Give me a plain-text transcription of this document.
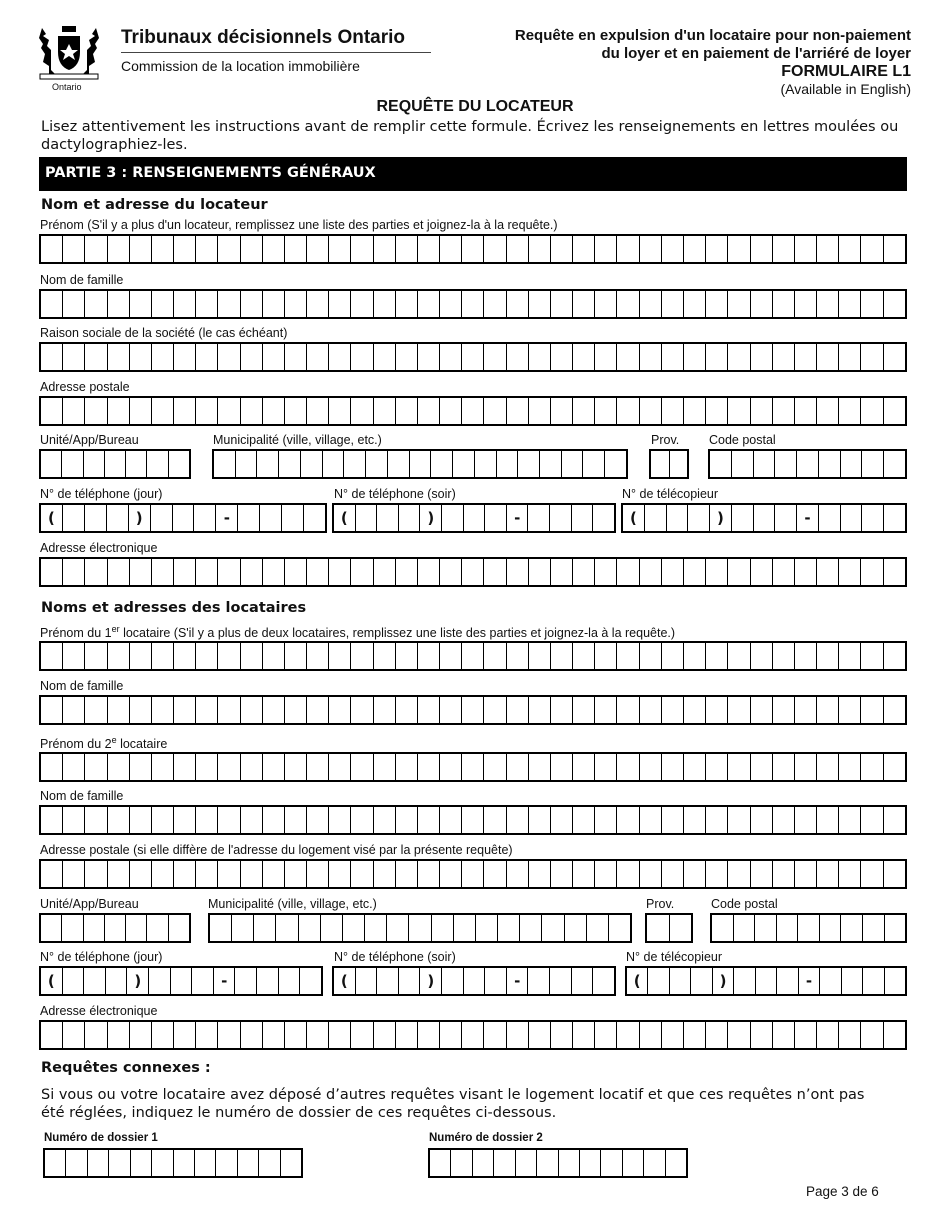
Ontario
Tribunaux décisionnels Ontario
Commission de la location immobilière
Requête en expulsion d'un locataire pour non-paiement
du loyer et en paiement de l'arriéré de loyer
FORMULAIRE L1
(Available in English)
REQUÊTE DU LOCATEUR
Lisez attentivement les instructions avant de remplir cette formule. Écrivez les renseignements en lettres moulées ou dactylographiez-les.
PARTIE 3 : RENSEIGNEMENTS GÉNÉRAUX
Nom et adresse du locateur
Prénom (S'il y a plus d'un locateur, remplissez une liste des parties et joignez-la à la requête.)
Nom de famille
Raison sociale de la société (le cas échéant)
Adresse postale
Unité/App/Bureau	Municipalité (ville, village, etc.)	Prov. Code postal
N° de téléphone (jour)	N° de téléphone (soir)	N° de télécopieur
(	)	-	(	)	-	(	)	-
Adresse électronique
Noms et adresses des locataires
Prénom du 1er locataire (S'il y a plus de deux locataires, remplissez une liste des parties et joignez-la à la requête.)
Nom de famille
Prénom du 2e locataire
Nom de famille
Adresse postale (si elle diffère de l'adresse du logement visé par la présente requête)
Unité/App/Bureau	Municipalité (ville, village, etc.)	Prov.	Code postal
N° de téléphone (jour)	N° de téléphone (soir)	N° de télécopieur
(	)	-	(	)	-	(	)	-
Adresse électronique
Requêtes connexes :
Si vous ou votre locataire avez déposé d’autres requêtes visant le logement locatif et que ces requêtes n’ont pas été réglées, indiquez le numéro de dossier de ces requêtes ci-dessous.
Numéro de dossier 1	Numéro de dossier 2
Page 3 de 6
